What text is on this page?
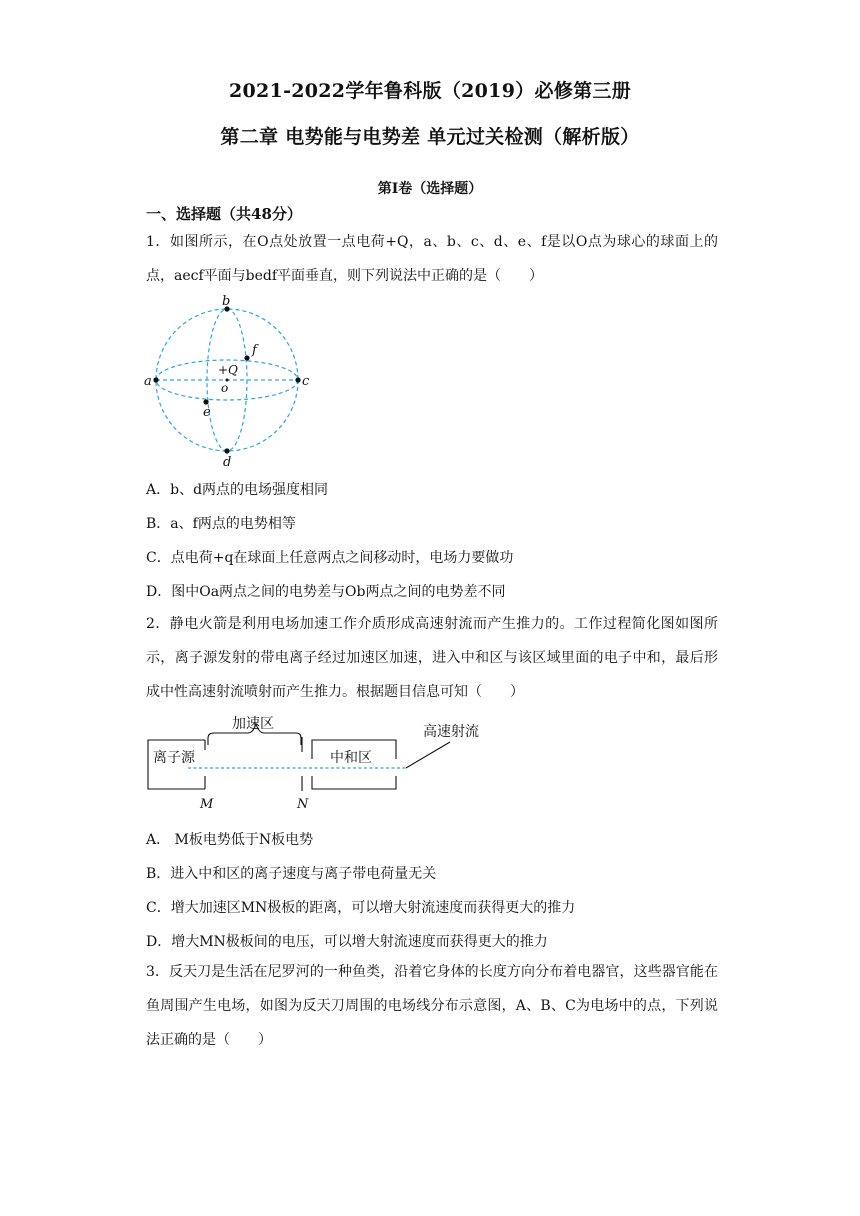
2021-2022学年鲁科版（2019）必修第三册
第二章 电势能与电势差 单元过关检测（解析版）
第Ⅰ卷（选择题）
一、选择题（共48分）
1．如图所示，在O点处放置一点电荷+Q，a、b、c、d、e、f是以O点为球心的球面上的点，aecf平面与bedf平面垂直，则下列说法中正确的是（　　）
a	c
b
d
f
e
+Q
o
A．b、d两点的电场强度相同
B．a、f两点的电势相等
C．点电荷+q在球面上任意两点之间移动时，电场力要做功
D．图中Oa两点之间的电势差与Ob两点之间的电势差不同
2．静电火箭是利用电场加速工作介质形成高速射流而产生推力的。工作过程简化图如图所示，离子源发射的带电离子经过加速区加速，进入中和区与该区域里面的电子中和，最后形成中性高速射流喷射而产生推力。根据题目信息可知（　　）
离子源
加速区
中和区
高速射流
M	N
A． M板电势低于N板电势
B．进入中和区的离子速度与离子带电荷量无关
C．增大加速区MN极板的距离，可以增大射流速度而获得更大的推力
D．增大MN极板间的电压，可以增大射流速度而获得更大的推力
3．反天刀是生活在尼罗河的一种鱼类，沿着它身体的长度方向分布着电器官，这些器官能在鱼周围产生电场，如图为反天刀周围的电场线分布示意图，A、B、C为电场中的点，下列说法正确的是（　　）
